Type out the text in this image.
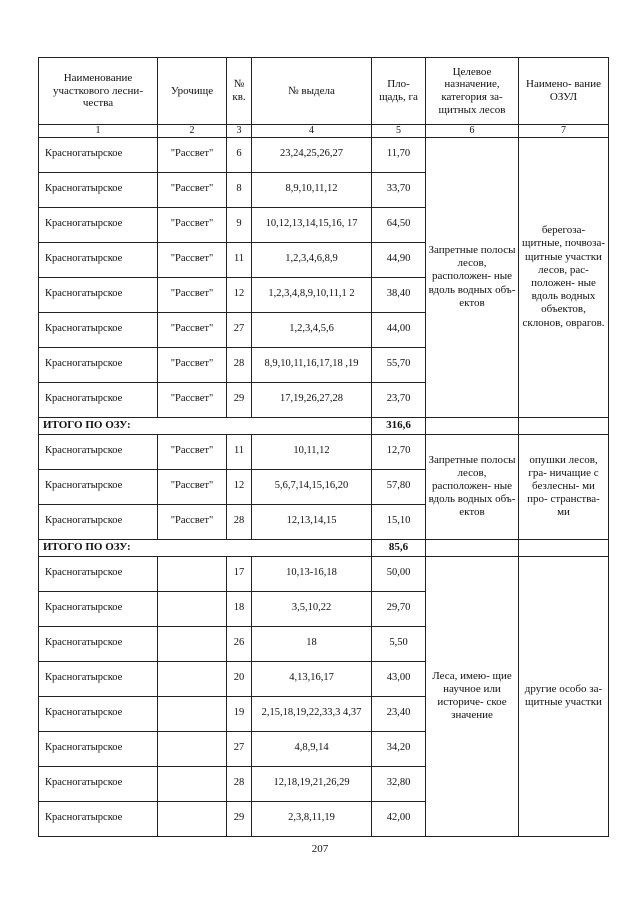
Наименование участкового лесни- чества	Урочище	№ кв.	№ выдела	Пло- щадь, га	Целевое назначение, категория за- щитных лесов	Наимено- вание ОЗУЛ
1	2	3	4	5	6	7
Красногатырское	"Рассвет"	6	23,24,25,26,27	11,70	Запретные полосы лесов, расположен- ные вдоль водных объ- ектов	берегоза- щитные, почвоза- щитные участки лесов, рас- положен- ные вдоль водных объектов, склонов, оврагов.
Красногатырское	"Рассвет"	8	8,9,10,11,12	33,70		
Красногатырское	"Рассвет"	9	10,12,13,14,15,16, 17	64,50		
Красногатырское	"Рассвет"	11	1,2,3,4,6,8,9	44,90		
Красногатырское	"Рассвет"	12	1,2,3,4,8,9,10,11,1 2	38,40		
Красногатырское	"Рассвет"	27	1,2,3,4,5,6	44,00		
Красногатырское	"Рассвет"	28	8,9,10,11,16,17,18 ,19	55,70		
Красногатырское	"Рассвет"	29	17,19,26,27,28	23,70		
ИТОГО ПО ОЗУ:				316,6		
Красногатырское	"Рассвет"	11	10,11,12	12,70	Запретные полосы лесов, расположен- ные вдоль водных объ- ектов	опушки лесов, гра- ничащие с безлесны- ми про- странства- ми
Красногатырское	"Рассвет"	12	5,6,7,14,15,16,20	57,80		
Красногатырское	"Рассвет"	28	12,13,14,15	15,10		
ИТОГО ПО ОЗУ:				85,6		
Красногатырское		17	10,13-16,18	50,00	Леса, имею- щие научное или историче- ское значение	другие особо за- щитные участки
Красногатырское		18	3,5,10,22	29,70		
Красногатырское		26	18	5,50		
Красногатырское		20	4,13,16,17	43,00		
Красногатырское		19	2,15,18,19,22,33,3 4,37	23,40		
Красногатырское		27	4,8,9,14	34,20		
Красногатырское		28	12,18,19,21,26,29	32,80		
Красногатырское		29	2,3,8,11,19	42,00		
207
